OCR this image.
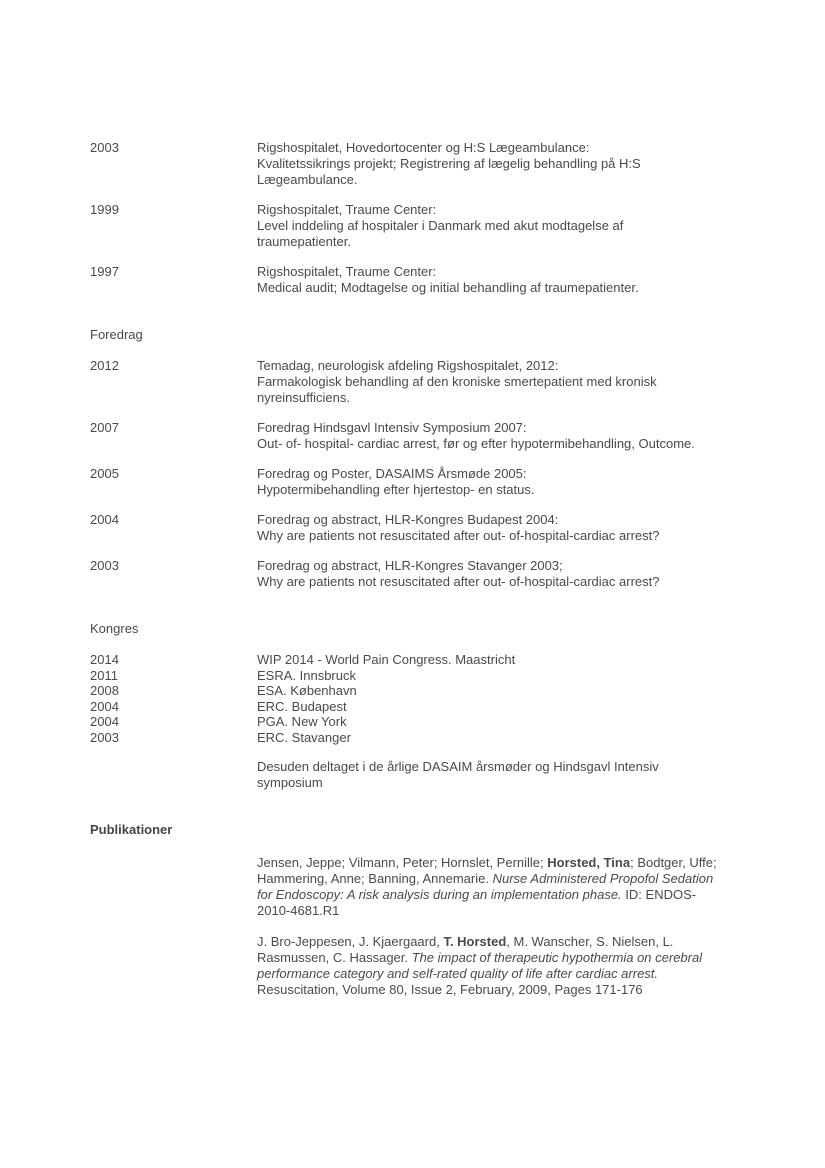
2003	Rigshospitalet, Hovedortocenter og H:S Lægeambulance:
Kvalitetssikrings projekt; Registrering af lægelig behandling på H:S
Lægeambulance.
1999	Rigshospitalet, Traume Center:
Level inddeling af hospitaler i Danmark med akut modtagelse af
traumepatienter.
1997	Rigshospitalet, Traume Center:
Medical audit; Modtagelse og initial behandling af traumepatienter.
Foredrag
2012	Temadag, neurologisk afdeling Rigshospitalet, 2012:
Farmakologisk behandling af den kroniske smertepatient med kronisk
nyreinsufficiens.
2007	Foredrag Hindsgavl Intensiv Symposium 2007:
Out- of- hospital- cardiac arrest, før og efter hypotermibehandling, Outcome.
2005	Foredrag og Poster, DASAIMS Årsmøde 2005:
Hypotermibehandling efter hjertestop- en status.
2004	Foredrag og abstract, HLR-Kongres Budapest 2004:
Why are patients not resuscitated after out- of-hospital-cardiac arrest?
2003	Foredrag og abstract, HLR-Kongres Stavanger 2003;
Why are patients not resuscitated after out- of-hospital-cardiac arrest?
Kongres
2014	WIP 2014 - World Pain Congress. Maastricht
2011	ESRA. Innsbruck
2008	ESA. København
2004	ERC. Budapest
2004	PGA. New York
2003	ERC. Stavanger
Desuden deltaget i de årlige DASAIM årsmøder og Hindsgavl Intensiv
symposium
Publikationer
Jensen, Jeppe; Vilmann, Peter; Hornslet, Pernille; Horsted, Tina; Bodtger, Uffe; Hammering, Anne; Banning, Annemarie. Nurse Administered Propofol Sedation for Endoscopy: A risk analysis during an implementation phase. ID: ENDOS-2010-4681.R1
J. Bro-Jeppesen, J. Kjaergaard, T. Horsted, M. Wanscher, S. Nielsen, L. Rasmussen, C. Hassager. The impact of therapeutic hypothermia on cerebral performance category and self-rated quality of life after cardiac arrest. Resuscitation, Volume 80, Issue 2, February, 2009, Pages 171-176
